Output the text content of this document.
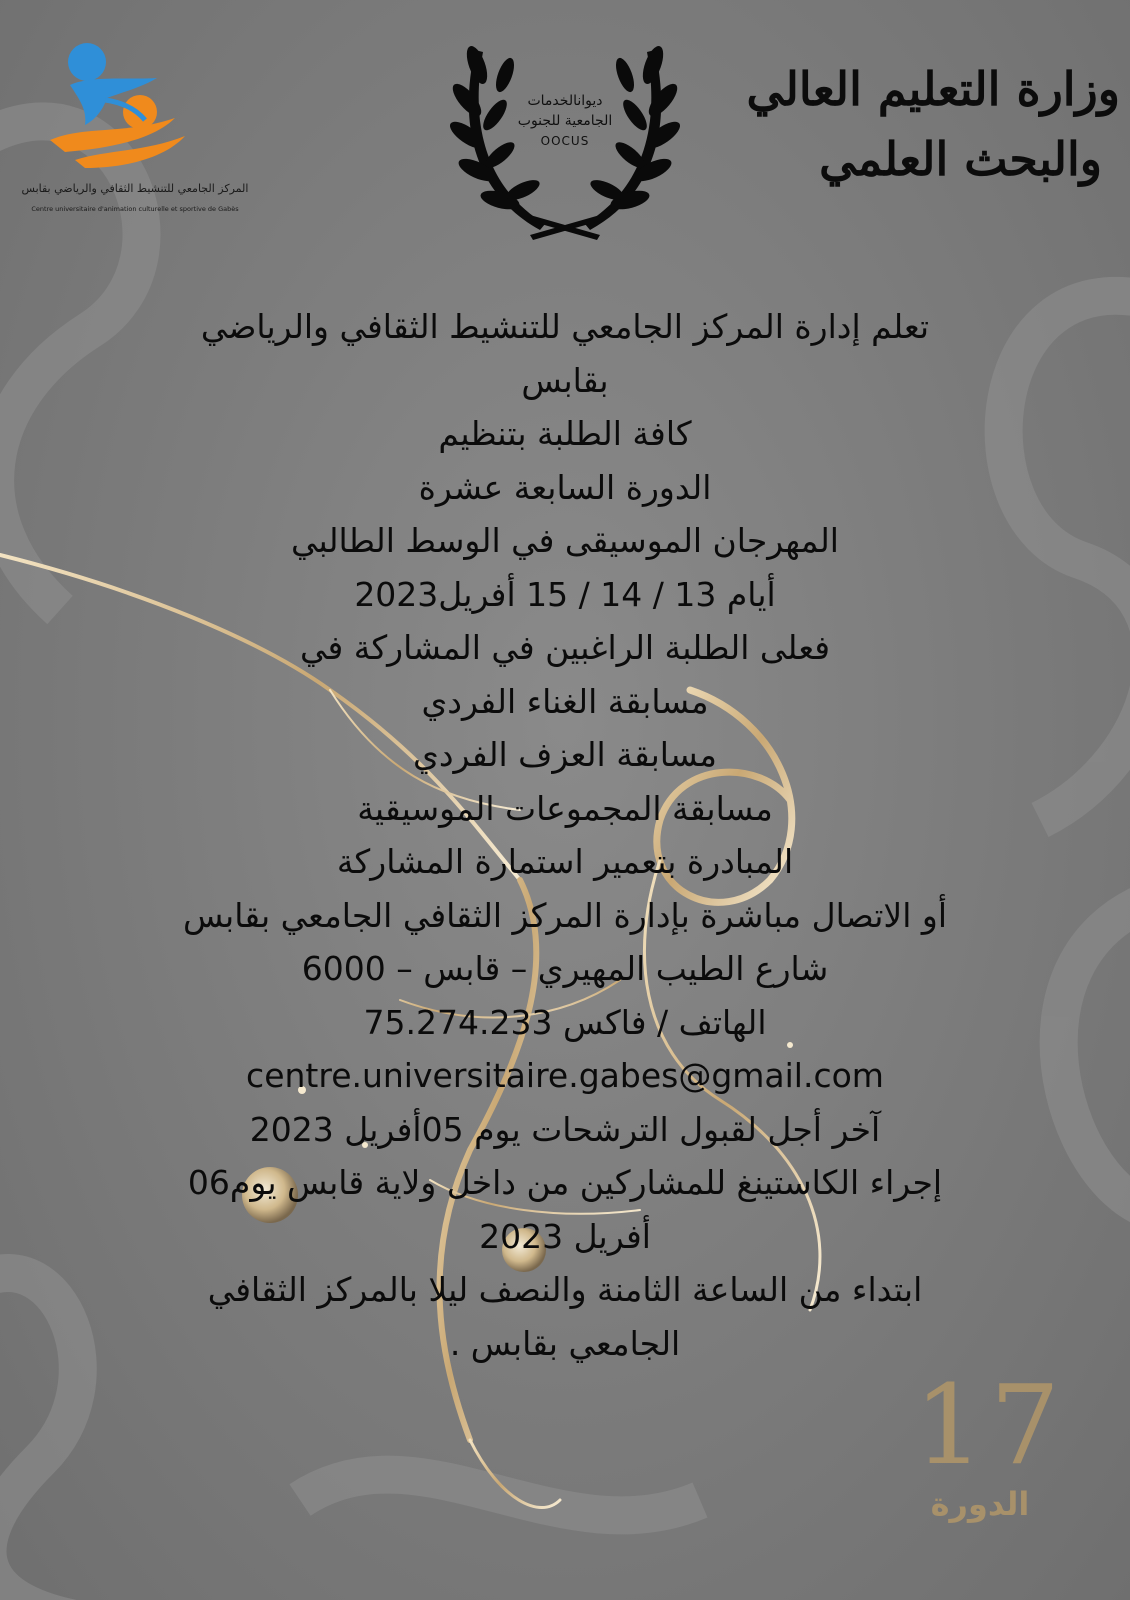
المركز الجامعي للتنشيط الثقافي والرياضي بقابس
Centre universitaire d'animation culturelle et sportive de Gabès
ديوانالخدمات
الجامعية للجنوب
OOCUS
وزارة التعليم العالي
والبحث العلمي
تعلم إدارة المركز الجامعي للتنشيط الثقافي والرياضي
بقابس
كافة الطلبة بتنظيم
الدورة السابعة عشرة
المهرجان الموسيقى في الوسط الطالبي
أيام 13 / 14 / 15 أفريل2023
فعلى الطلبة الراغبين في المشاركة في
مسابقة الغناء الفردي
مسابقة العزف الفردي
مسابقة المجموعات الموسيقية
المبادرة بتعمير استمارة المشاركة
أو الاتصال مباشرة بإدارة المركز الثقافي الجامعي بقابس
شارع الطيب المهيري – قابس – 6000
الهاتف / فاكس 75.274.233
centre.universitaire.gabes@gmail.com
آخر أجل لقبول الترشحات يوم 05أفريل 2023
إجراء الكاستينغ للمشاركين من داخل ولاية قابس يوم06
أفريل 2023
ابتداء من الساعة الثامنة والنصف ليلا بالمركز الثقافي
الجامعي بقابس .
17
الدورة
